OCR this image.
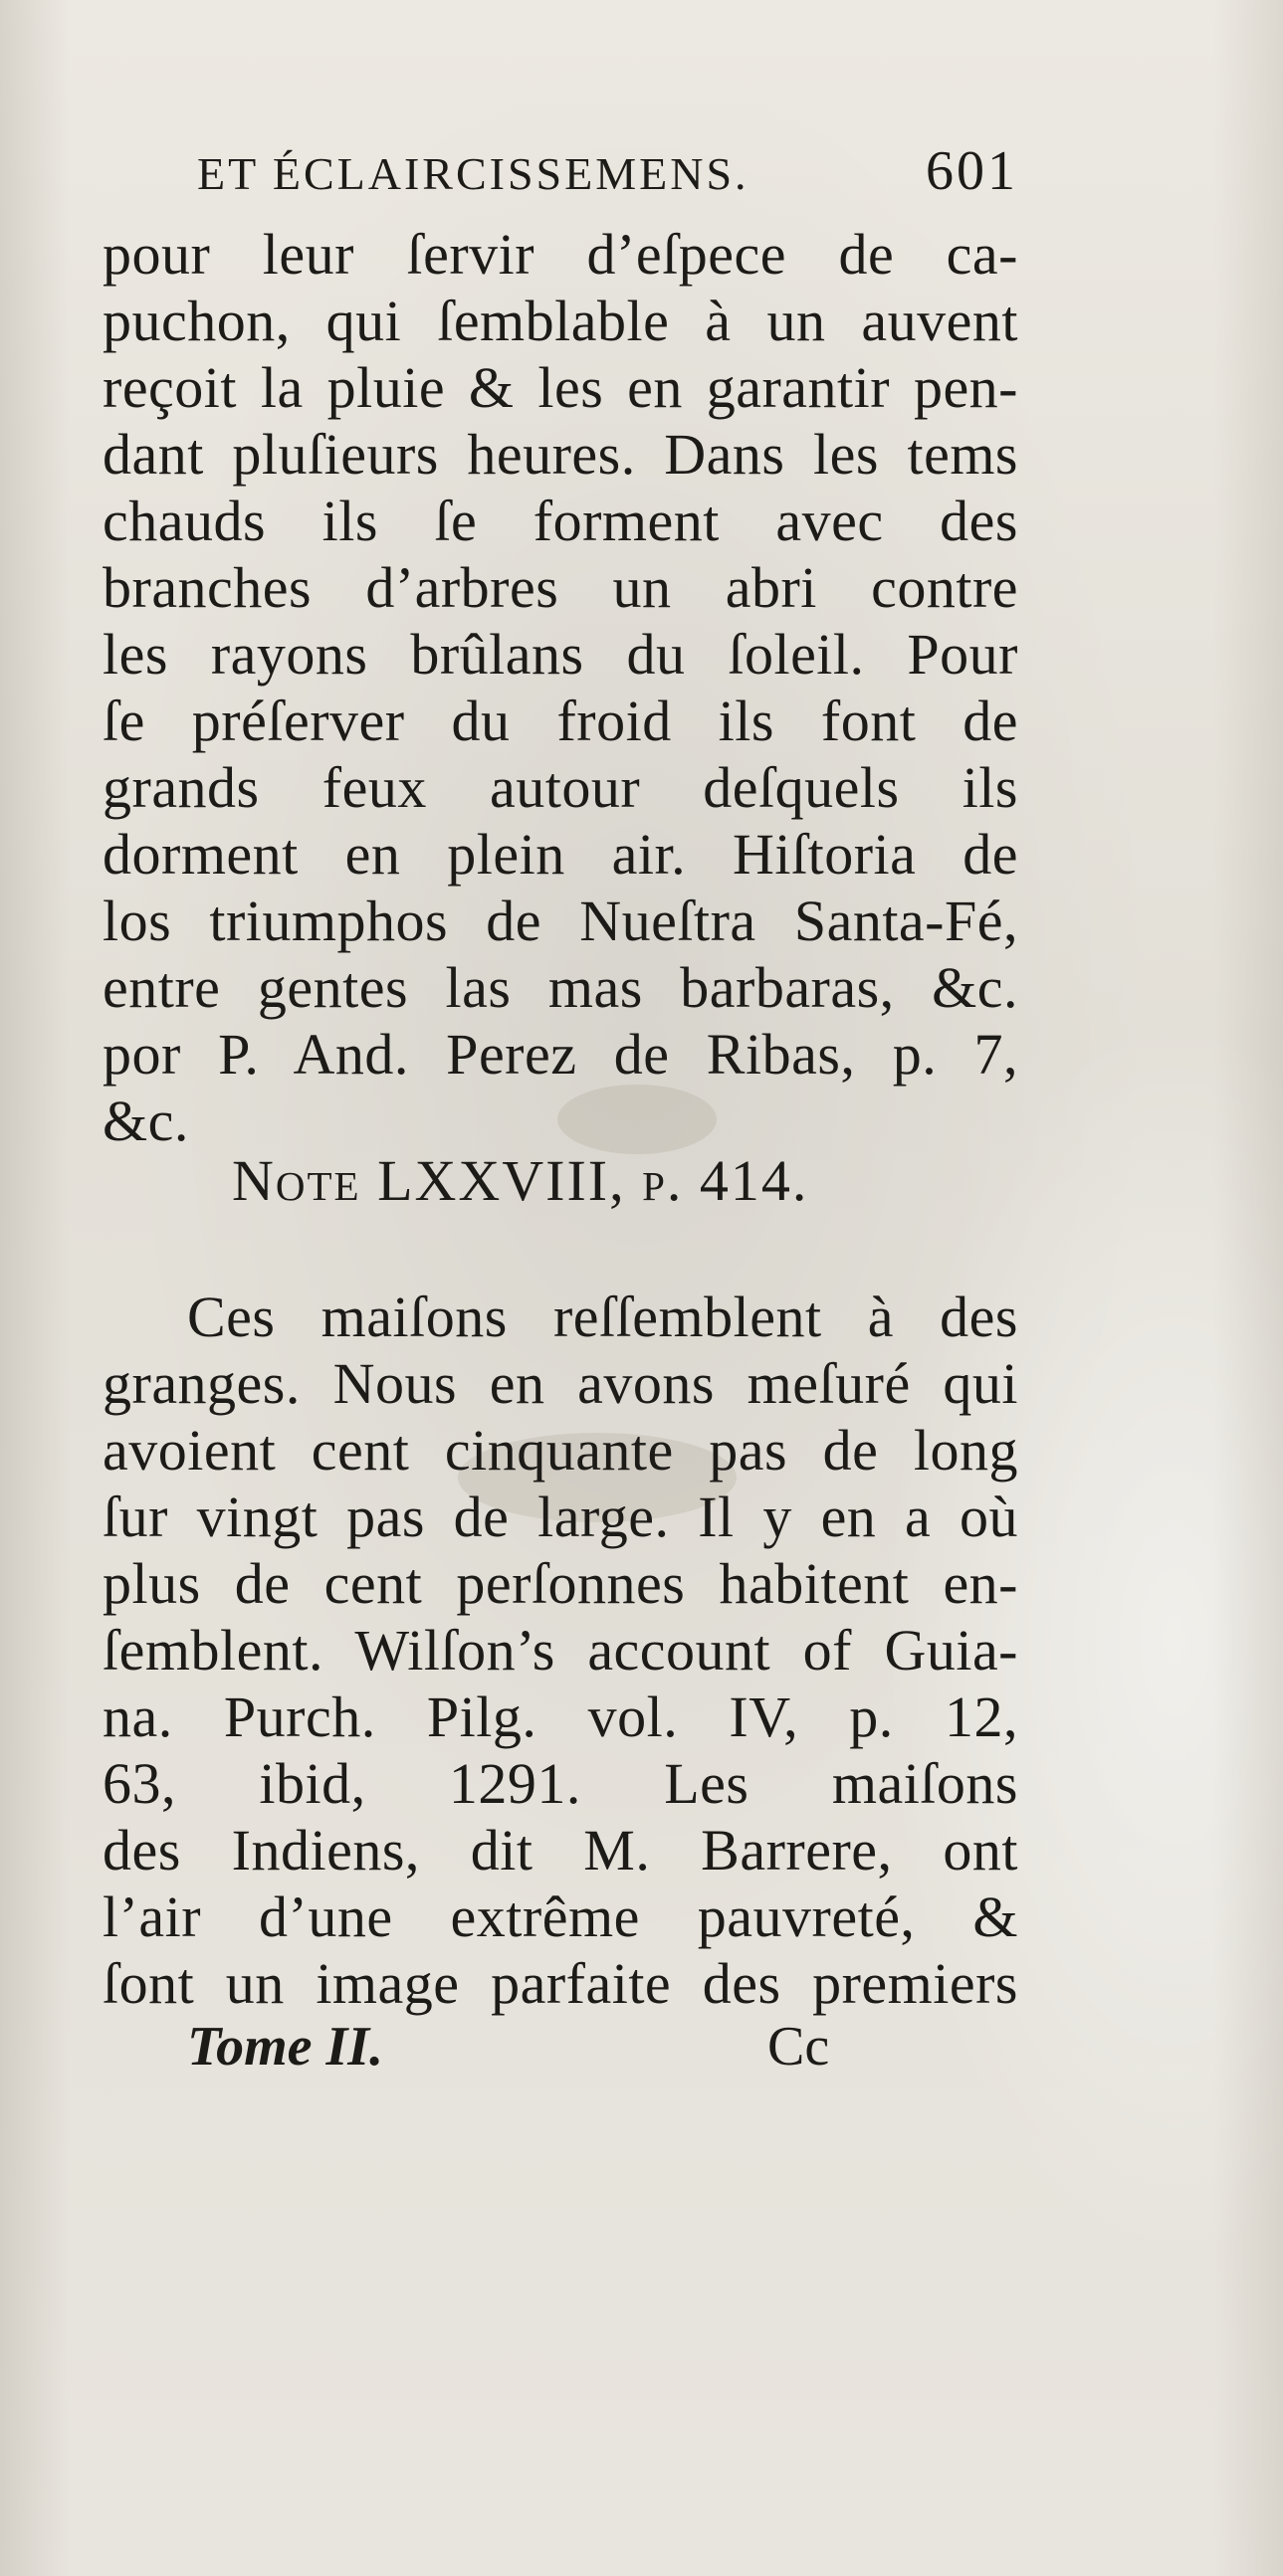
ET ÉCLAIRCISSEMENS.	601
pour leur ſervir d’eſpece de ca-
puchon, qui ſemblable à un auvent
reçoit la pluie & les en garantir pen-
dant pluſieurs heures. Dans les tems
chauds ils ſe forment avec des
branches d’arbres un abri contre
les rayons brûlans du ſoleil. Pour
ſe préſerver du froid ils font de
grands feux autour deſquels ils
dorment en plein air. Hiſtoria de
los triumphos de Nueſtra Santa-Fé,
entre gentes las mas barbaras, &c.
por P. And. Perez de Ribas, p. 7,
&c.
Note LXXVIII, p. 414.
Ces maiſons reſſemblent à des
granges. Nous en avons meſuré qui
avoient cent cinquante pas de long
ſur vingt pas de large. Il y en a où
plus de cent perſonnes habitent en-
ſemblent. Wilſon’s account of Guia-
na. Purch. Pilg. vol. IV, p. 12,
63, ibid, 1291. Les maiſons
des Indiens, dit M. Barrere, ont
l’air d’une extrême pauvreté, &
ſont un image parfaite des premiers
Tome II.	Cc
